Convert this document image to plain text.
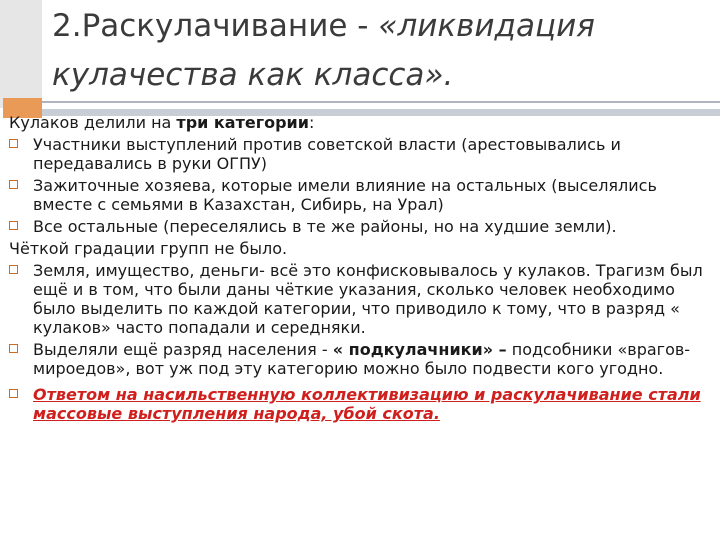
2.Раскулачивание - «ликвидация кулачества как класса».

Кулаков делили на три категории:

Участники выступлений против советской власти (арестовывались и передавались в руки ОГПУ)
Зажиточные хозяева, которые имели влияние на остальных (выселялись вместе с семьями в Казахстан, Сибирь, на Урал)
Все остальные (переселялись в те же районы, но на худшие земли).

Чёткой градации групп не было.

Земля, имущество, деньги- всё это конфисковывалось у кулаков. Трагизм был ещё и в том, что были даны чёткие указания, сколько человек необходимо было выделить по каждой категории, что приводило к тому, что в разряд « кулаков» часто попадали и середняки.
Выделяли ещё разряд населения - « подкулачники» – подсобники «врагов-мироедов», вот уж под эту категорию можно было подвести кого угодно.
Ответом на насильственную коллективизацию и раскулачивание стали массовые выступления народа, убой скота.
